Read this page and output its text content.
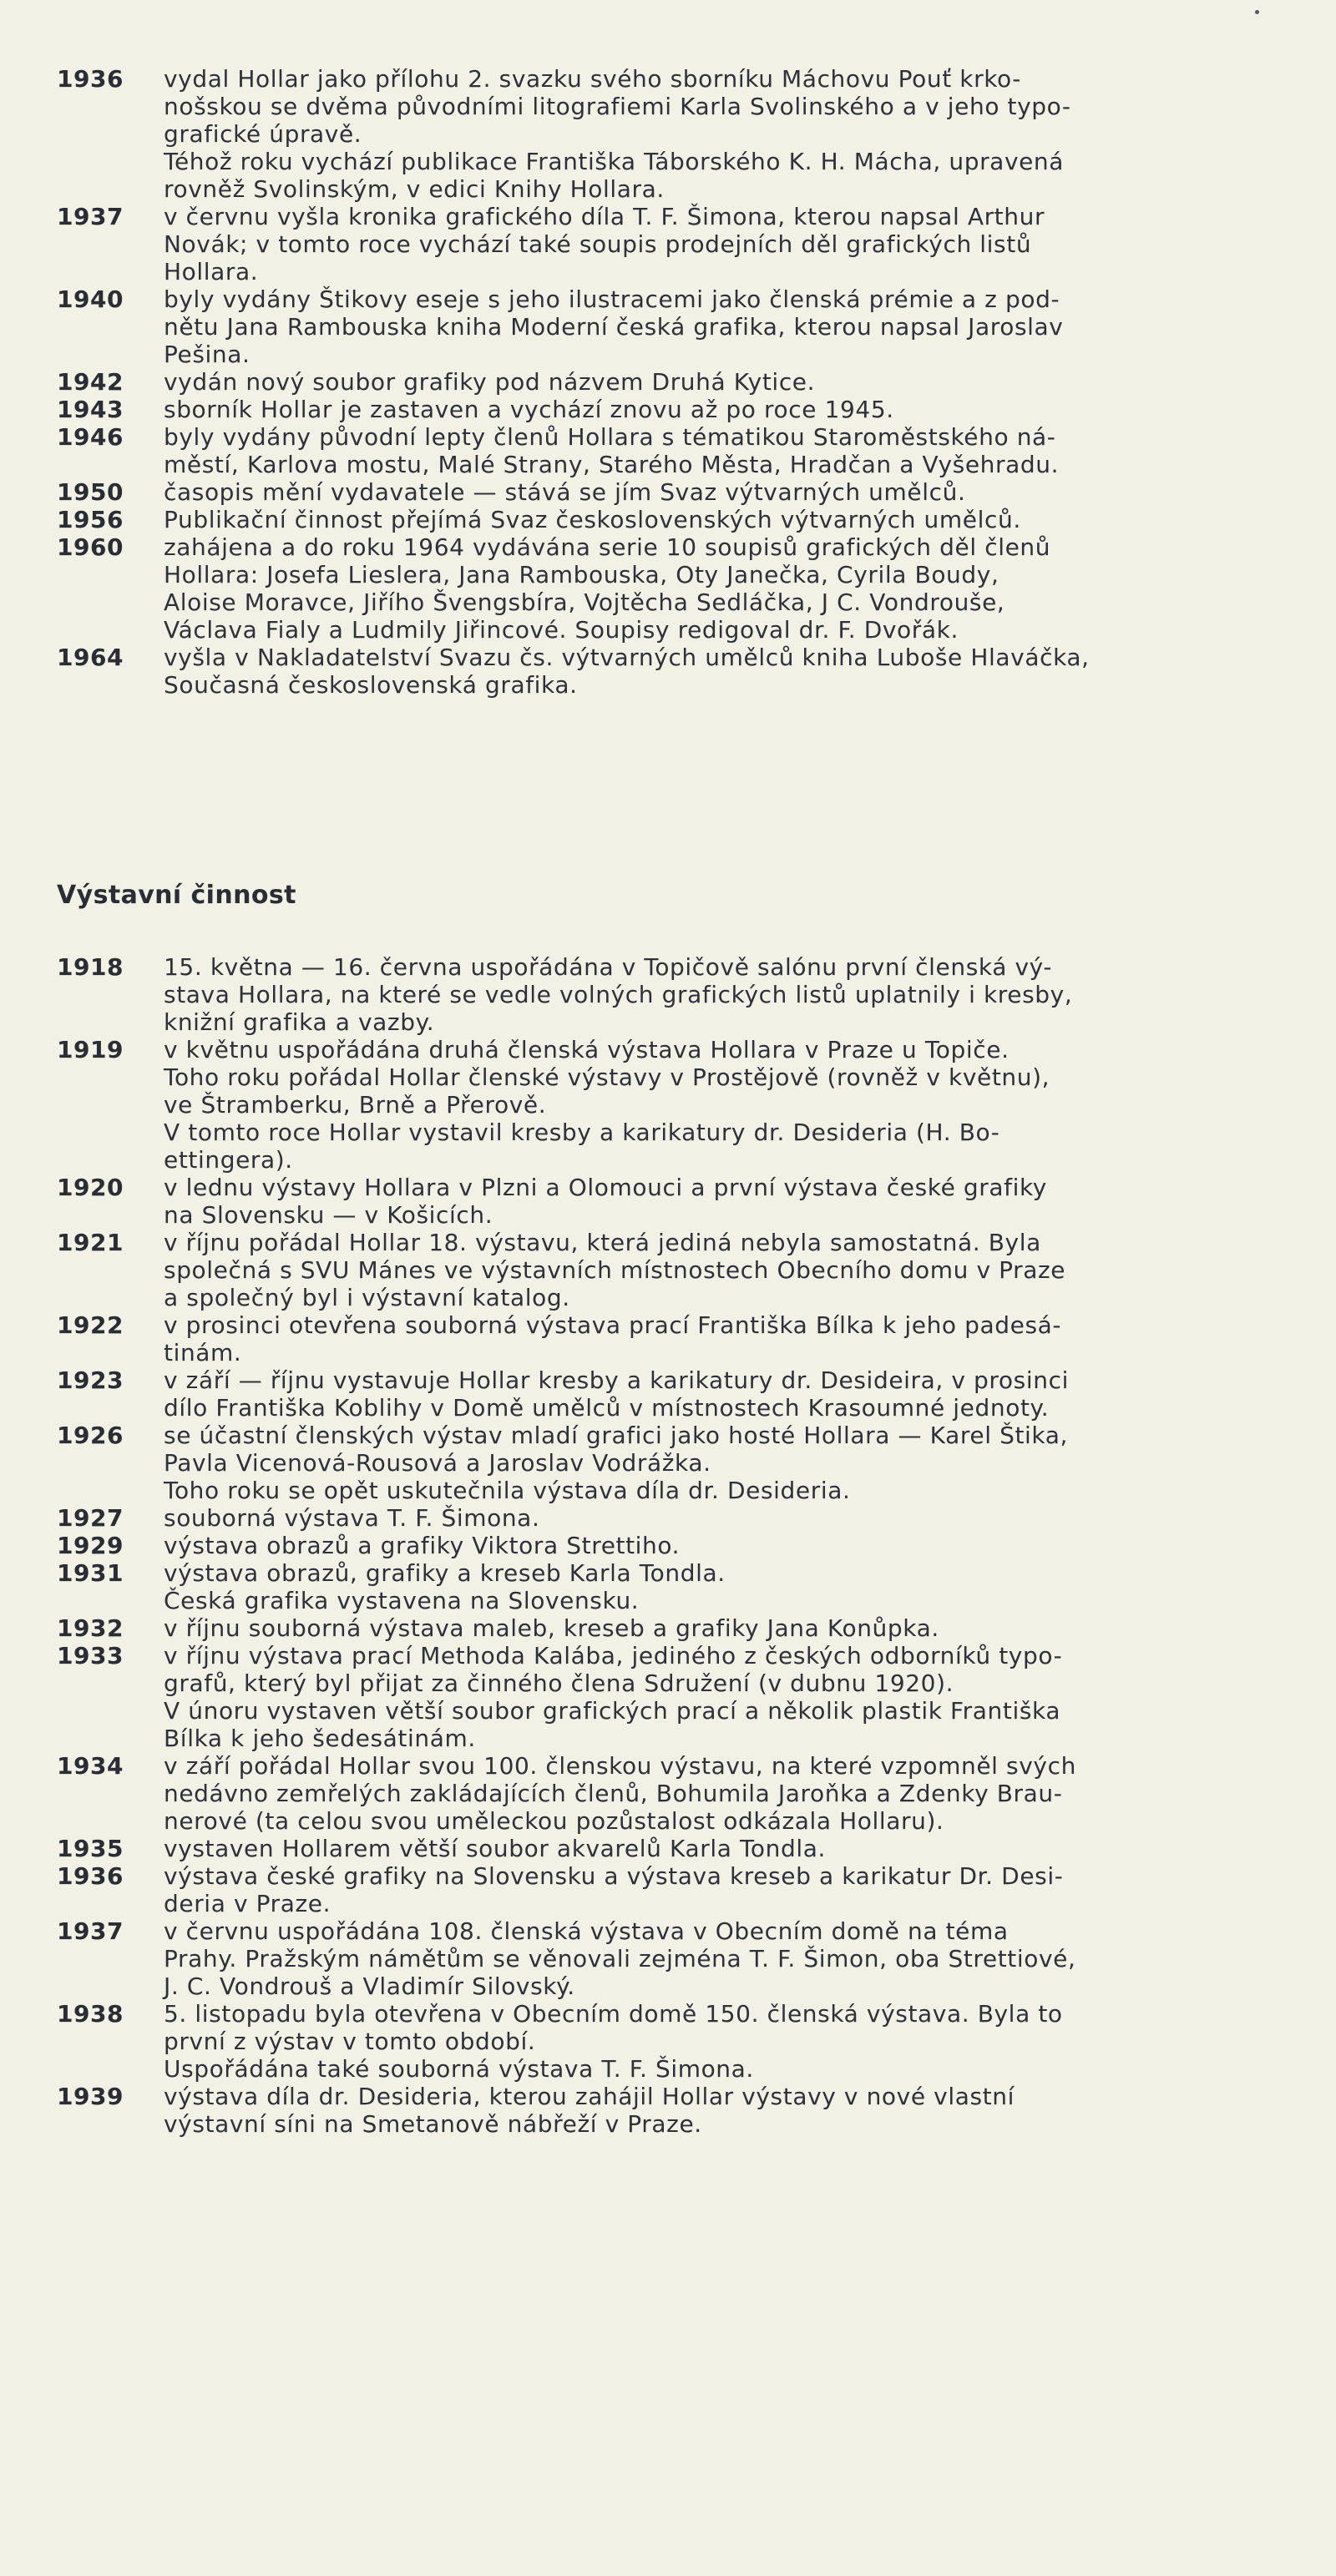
1936	vydal Hollar jako přílohu 2. svazku svého sborníku Máchovu Pouť krko-
nošskou se dvěma původními litografiemi Karla Svolinského a v jeho typo-
grafické úpravě.
Téhož roku vychází publikace Františka Táborského K. H. Mácha, upravená
rovněž Svolinským, v edici Knihy Hollara.
1937	v červnu vyšla kronika grafického díla T. F. Šimona, kterou napsal Arthur
Novák; v tomto roce vychází také soupis prodejních děl grafických listů
Hollara.
1940	byly vydány Štikovy eseje s jeho ilustracemi jako členská prémie a z pod-
nětu Jana Rambouska kniha Moderní česká grafika, kterou napsal Jaroslav
Pešina.
1942	vydán nový soubor grafiky pod názvem Druhá Kytice.
1943	sborník Hollar je zastaven a vychází znovu až po roce 1945.
1946	byly vydány původní lepty členů Hollara s tématikou Staroměstského ná-
městí, Karlova mostu, Malé Strany, Starého Města, Hradčan a Vyšehradu.
1950	časopis mění vydavatele — stává se jím Svaz výtvarných umělců.
1956	Publikační činnost přejímá Svaz československých výtvarných umělců.
1960	zahájena a do roku 1964 vydávána serie 10 soupisů grafických děl členů
Hollara: Josefa Lieslera, Jana Rambouska, Oty Janečka, Cyrila Boudy,
Aloise Moravce, Jiřího Švengsbíra, Vojtěcha Sedláčka, J C. Vondrouše,
Václava Fialy a Ludmily Jiřincové. Soupisy redigoval dr. F. Dvořák.
1964	vyšla v Nakladatelství Svazu čs. výtvarných umělců kniha Luboše Hlaváčka,
Současná československá grafika.
Výstavní činnost
1918	15. května — 16. června uspořádána v Topičově salónu první členská vý-
stava Hollara, na které se vedle volných grafických listů uplatnily i kresby,
knižní grafika a vazby.
1919	v květnu uspořádána druhá členská výstava Hollara v Praze u Topiče.
Toho roku pořádal Hollar členské výstavy v Prostějově (rovněž v květnu),
ve Štramberku, Brně a Přerově.
V tomto roce Hollar vystavil kresby a karikatury dr. Desideria (H. Bo-
ettingera).
1920	v lednu výstavy Hollara v Plzni a Olomouci a první výstava české grafiky
na Slovensku — v Košicích.
1921	v říjnu pořádal Hollar 18. výstavu, která jediná nebyla samostatná. Byla
společná s SVU Mánes ve výstavních místnostech Obecního domu v Praze
a společný byl i výstavní katalog.
1922	v prosinci otevřena souborná výstava prací Františka Bílka k jeho padesá-
tinám.
1923	v září — říjnu vystavuje Hollar kresby a karikatury dr. Desideira, v prosinci
dílo Františka Koblihy v Domě umělců v místnostech Krasoumné jednoty.
1926	se účastní členských výstav mladí grafici jako hosté Hollara — Karel Štika,
Pavla Vicenová-Rousová a Jaroslav Vodrážka.
Toho roku se opět uskutečnila výstava díla dr. Desideria.
1927	souborná výstava T. F. Šimona.
1929	výstava obrazů a grafiky Viktora Strettiho.
1931	výstava obrazů, grafiky a kreseb Karla Tondla.
Česká grafika vystavena na Slovensku.
1932	v říjnu souborná výstava maleb, kreseb a grafiky Jana Konůpka.
1933	v říjnu výstava prací Methoda Kalába, jediného z českých odborníků typo-
grafů, který byl přijat za činného člena Sdružení (v dubnu 1920).
V únoru vystaven větší soubor grafických prací a několik plastik Františka
Bílka k jeho šedesátinám.
1934	v září pořádal Hollar svou 100. členskou výstavu, na které vzpomněl svých
nedávno zemřelých zakládajících členů, Bohumila Jaroňka a Zdenky Brau-
nerové (ta celou svou uměleckou pozůstalost odkázala Hollaru).
1935	vystaven Hollarem větší soubor akvarelů Karla Tondla.
1936	výstava české grafiky na Slovensku a výstava kreseb a karikatur Dr. Desi-
deria v Praze.
1937	v červnu uspořádána 108. členská výstava v Obecním domě na téma
Prahy. Pražským námětům se věnovali zejména T. F. Šimon, oba Strettiové,
J. C. Vondrouš a Vladimír Silovský.
1938	5. listopadu byla otevřena v Obecním domě 150. členská výstava. Byla to
první z výstav v tomto období.
Uspořádána také souborná výstava T. F. Šimona.
1939	výstava díla dr. Desideria, kterou zahájil Hollar výstavy v nové vlastní
výstavní síni na Smetanově nábřeží v Praze.
